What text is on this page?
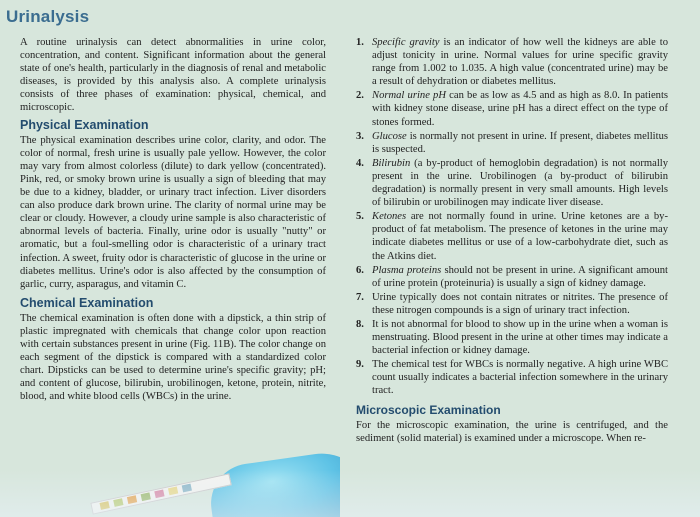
Urinalysis

A routine urinalysis can detect abnormalities in urine color, concentration, and content. Significant information about the general state of one's health, particularly in the diagnosis of renal and metabolic diseases, is provided by this analysis also. A complete urinalysis consists of three phases of examination: physical, chemical, and microscopic.

Physical Examination

The physical examination describes urine color, clarity, and odor. The color of normal, fresh urine is usually pale yellow. However, the color may vary from almost colorless (dilute) to dark yellow (concentrated). Pink, red, or smoky brown urine is usually a sign of bleeding that may be due to a kidney, bladder, or urinary tract infection. Liver disorders can also produce dark brown urine. The clarity of normal urine may be clear or cloudy. However, a cloudy urine sample is also characteristic of abnormal levels of bacteria. Finally, urine odor is usually "nutty" or aromatic, but a foul-smelling odor is characteristic of a urinary tract infection. A sweet, fruity odor is characteristic of glucose in the urine or diabetes mellitus. Urine's odor is also affected by the consumption of garlic, curry, asparagus, and vitamin C.

Chemical Examination

The chemical examination is often done with a dipstick, a thin strip of plastic impregnated with chemicals that change color upon reaction with certain substances present in urine (Fig. 11B). The color change on each segment of the dipstick is compared with a standardized color chart. Dipsticks can be used to determine urine's specific gravity; pH; and content of glucose, bilirubin, urobilinogen, ketone, protein, nitrite, blood, and white blood cells (WBCs) in the urine.

1. Specific gravity is an indicator of how well the kidneys are able to adjust tonicity in urine. Normal values for urine specific gravity range from 1.002 to 1.035. A high value (concentrated urine) may be a result of dehydration or diabetes mellitus.
2. Normal urine pH can be as low as 4.5 and as high as 8.0. In patients with kidney stone disease, urine pH has a direct effect on the type of stones formed.
3. Glucose is normally not present in urine. If present, diabetes mellitus is suspected.
4. Bilirubin (a by-product of hemoglobin degradation) is not normally present in the urine. Urobilinogen (a by-product of bilirubin degradation) is normally present in very small amounts. High levels of bilirubin or urobilinogen may indicate liver disease.
5. Ketones are not normally found in urine. Urine ketones are a by-product of fat metabolism. The presence of ketones in the urine may indicate diabetes mellitus or use of a low-carbohydrate diet, such as the Atkins diet.
6. Plasma proteins should not be present in urine. A significant amount of urine protein (proteinuria) is usually a sign of kidney damage.
7. Urine typically does not contain nitrates or nitrites. The presence of these nitrogen compounds is a sign of urinary tract infection.
8. It is not abnormal for blood to show up in the urine when a woman is menstruating. Blood present in the urine at other times may indicate a bacterial infection or kidney damage.
9. The chemical test for WBCs is normally negative. A high urine WBC count usually indicates a bacterial infection somewhere in the urinary tract.
Microscopic Examination

For the microscopic examination, the urine is centrifuged, and the sediment (solid material) is examined under a microscope. When re-
